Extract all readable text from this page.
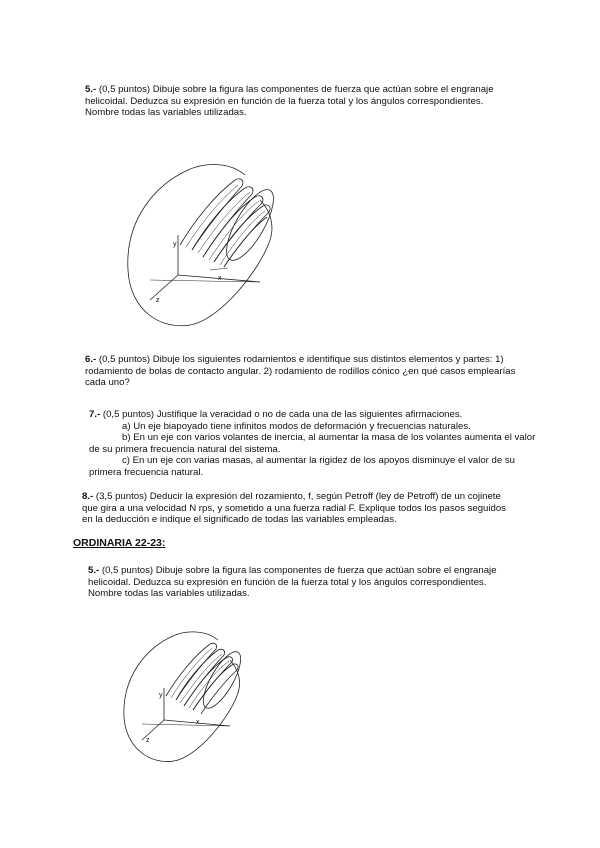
5.- (0,5 puntos) Dibuje sobre la figura las componentes de fuerza que actúan sobre el engranaje

helicoidal. Deduzca su expresión en función de la fuerza total y los ángulos correspondientes.

Nombre todas las variables utilizadas.

y
x
z

6.- (0,5 puntos) Dibuje los siguientes rodamientos e identifique sus distintos elementos y partes: 1)

rodamiento de bolas de contacto angular. 2) rodamiento de rodillos cónico ¿en qué casos emplearías

cada uno?

7.- (0,5 puntos) Justifique la veracidad o no de cada una de las siguientes afirmaciones.

a) Un eje biapoyado tiene infinitos modos de deformación y frecuencias naturales.

b) En un eje con varios volantes de inercia, al aumentar la masa de los volantes aumenta el valor

de su primera frecuencia natural del sistema.

c) En un eje con varias masas, al aumentar la rigidez de los apoyos disminuye el valor de su

primera frecuencia natural.

8.- (3,5 puntos) Deducir la expresión del rozamiento, f, según Petroff (ley de Petroff) de un cojinete

que gira a una velocidad N rps, y sometido a una fuerza radial F. Explique todos los pasos seguidos

en la deducción e indique el significado de todas las variables empleadas.

ORDINARIA 22-23:

5.- (0,5 puntos) Dibuje sobre la figura las componentes de fuerza que actúan sobre el engranaje

helicoidal. Deduzca su expresión en función de la fuerza total y los ángulos correspondientes.

Nombre todas las variables utilizadas.

y
x
z
